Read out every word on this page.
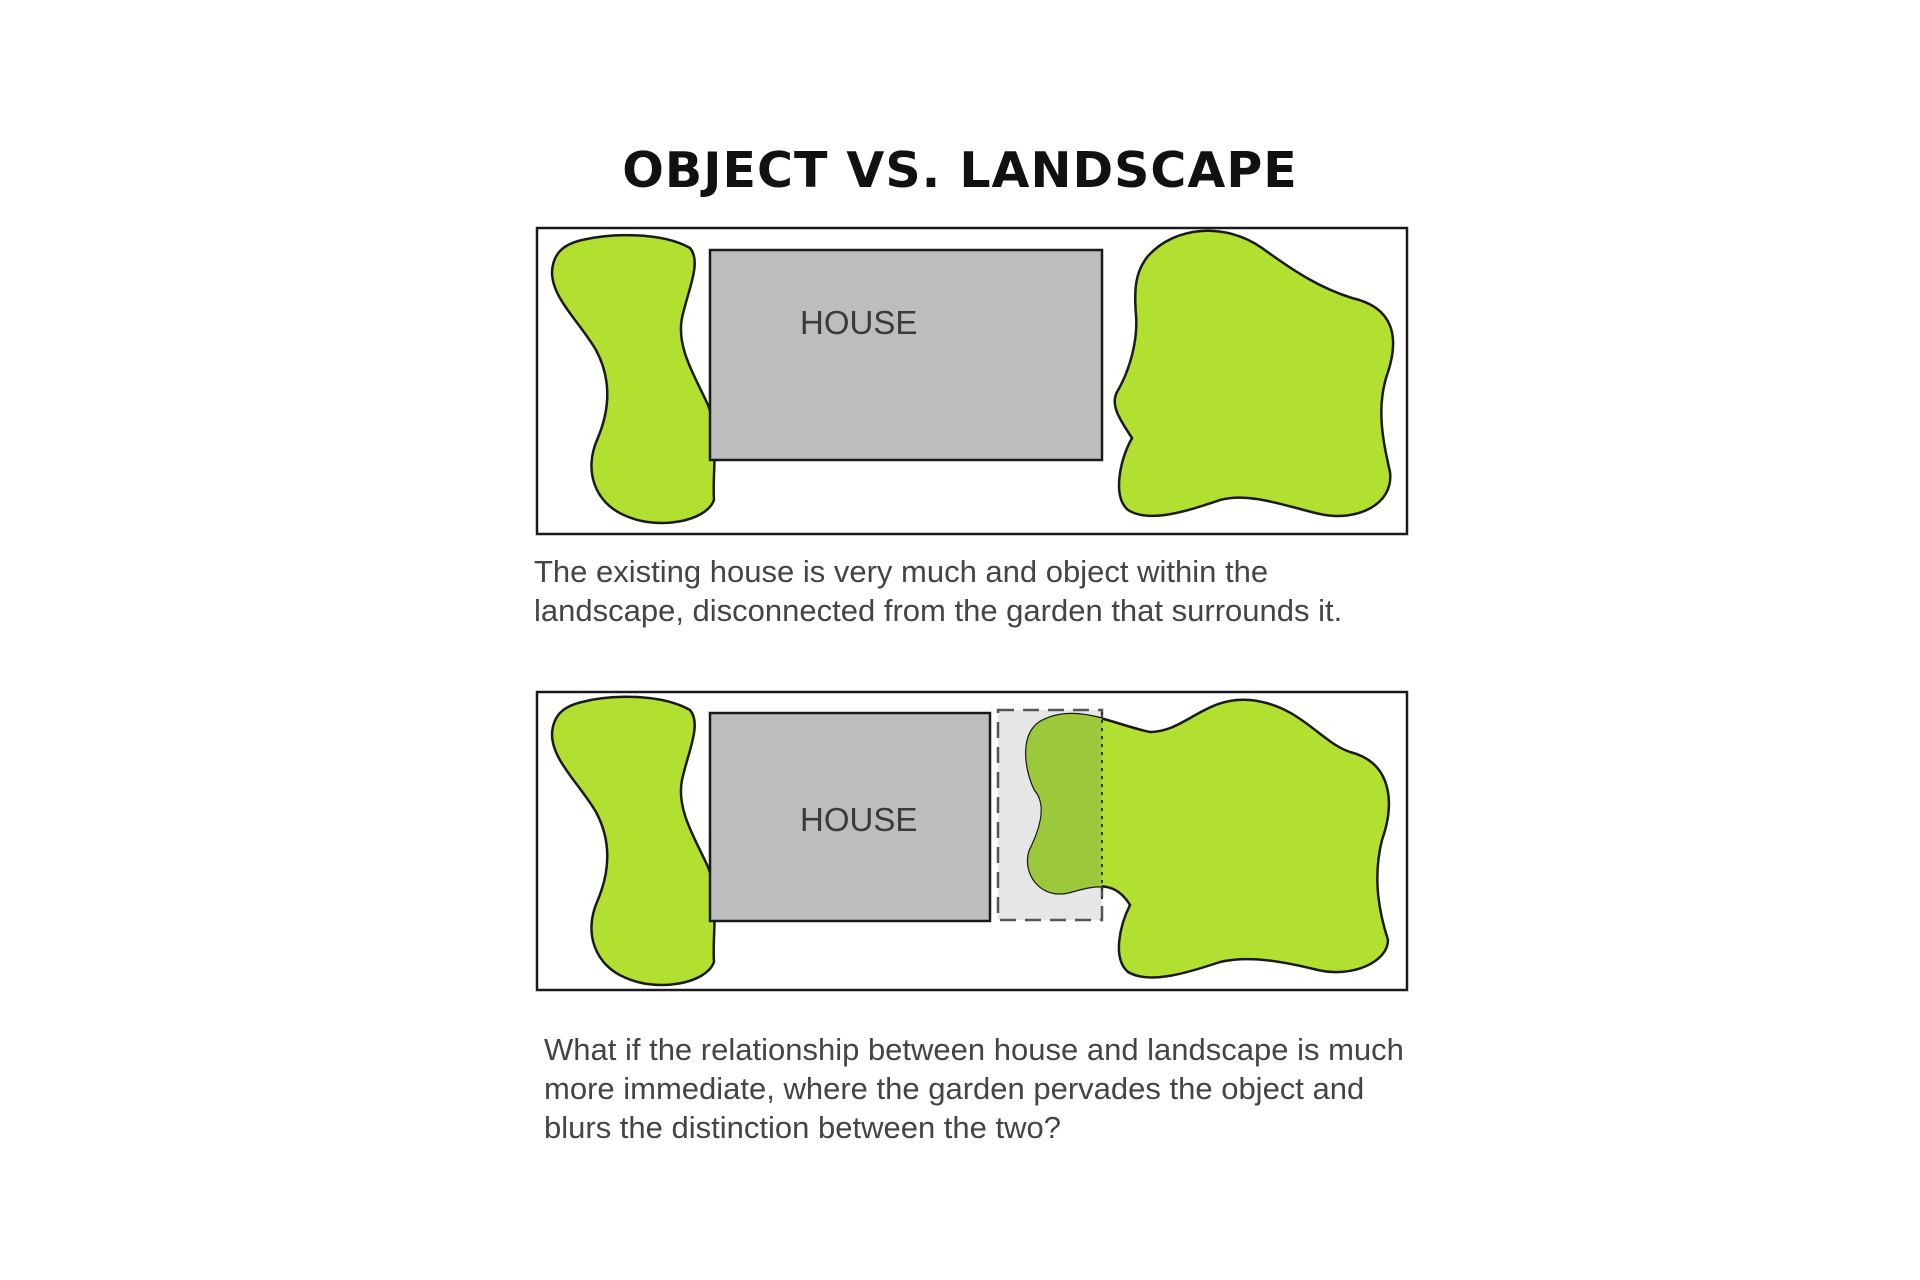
OBJECT VS. LANDSCAPE
HOUSE
HOUSE

The existing house is very much and object within the

landscape, disconnected from the garden that surrounds it.

What if the relationship between house and landscape is much

more immediate, where the garden pervades the object and

blurs the distinction between the two?
